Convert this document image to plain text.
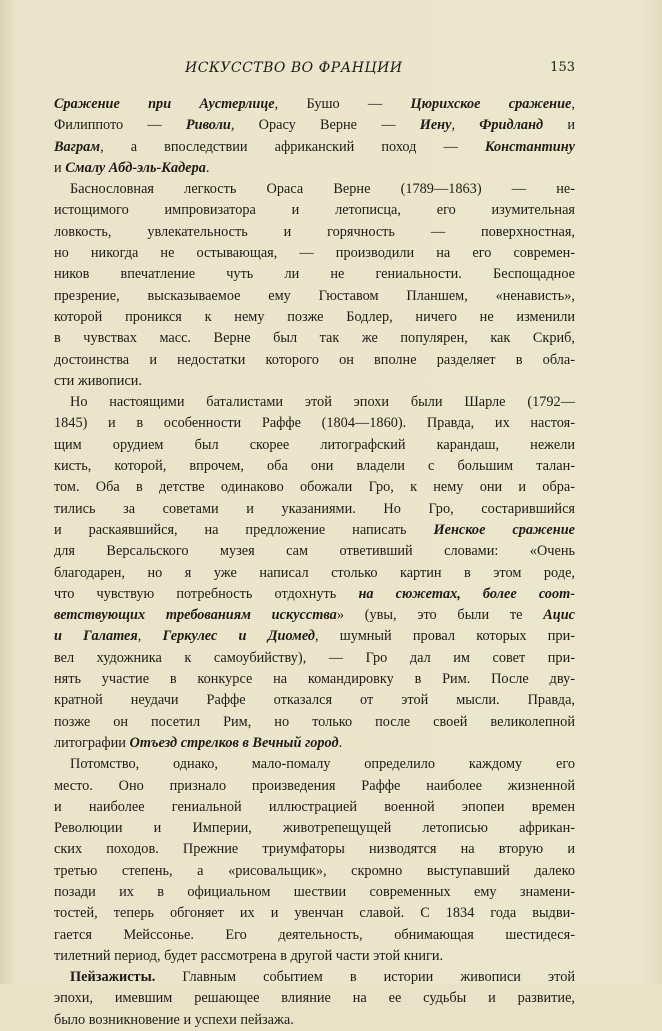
ИСКУССТВО ВО ФРАНЦИИ	153
Сражение при Аустерлице, Бушо — Цюрихское сражение,
Филиппото — Риволи, Орасу Верне — Иену, Фридланд и
Ваграм, а впоследствии африканский поход — Константину
и Смалу Абд-эль-Кадера.
Баснословная легкость Ораса Верне (1789—1863) — не-
истощимого импровизатора и летописца, его изумительная
ловкость, увлекательность и горячность — поверхностная,
но никогда не остывающая, — производили на его современ-
ников впечатление чуть ли не гениальности. Беспощадное
презрение, высказываемое ему Гюставом Планшем, «ненависть»,
которой проникся к нему позже Бодлер, ничего не изменили
в чувствах масс. Верне был так же популярен, как Скриб,
достоинства и недостатки которого он вполне разделяет в обла-
сти живописи.
Но настоящими баталистами этой эпохи были Шарле (1792—
1845) и в особенности Раффе (1804—1860). Правда, их настоя-
щим орудием был скорее литографский карандаш, нежели
кисть, которой, впрочем, оба они владели с большим талан-
том. Оба в детстве одинаково обожали Гро, к нему они и обра-
тились за советами и указаниями. Но Гро, состарившийся
и раскаявшийся, на предложение написать Иенское сражение
для Версальского музея сам ответивший словами: «Очень
благодарен, но я уже написал столько картин в этом роде,
что чувствую потребность отдохнуть на сюжетах, более соот-
ветствующих требованиям искусства» (увы, это были те Ацис
и Галатея, Геркулес и Диомед, шумный провал которых при-
вел художника к самоубийству), — Гро дал им совет при-
нять участие в конкурсе на командировку в Рим. После дву-
кратной неудачи Раффе отказался от этой мысли. Правда,
позже он посетил Рим, но только после своей великолепной
литографии Отъезд стрелков в Вечный город.
Потомство, однако, мало-помалу определило каждому его
место. Оно признало произведения Раффе наиболее жизненной
и наиболее гениальной иллюстрацией военной эпопеи времен
Революции и Империи, животрепещущей летописью африкан-
ских походов. Прежние триумфаторы низводятся на вторую и
третью степень, а «рисовальщик», скромно выступавший далеко
позади их в официальном шествии современных ему знамени-
тостей, теперь обгоняет их и увенчан славой. С 1834 года выдви-
гается Мейссонье. Его деятельность, обнимающая шестидеся-
тилетний период, будет рассмотрена в другой части этой книги.
Пейзажисты. Главным событием в истории живописи этой
эпохи, имевшим решающее влияние на ее судьбы и развитие,
было возникновение и успехи пейзажа.
